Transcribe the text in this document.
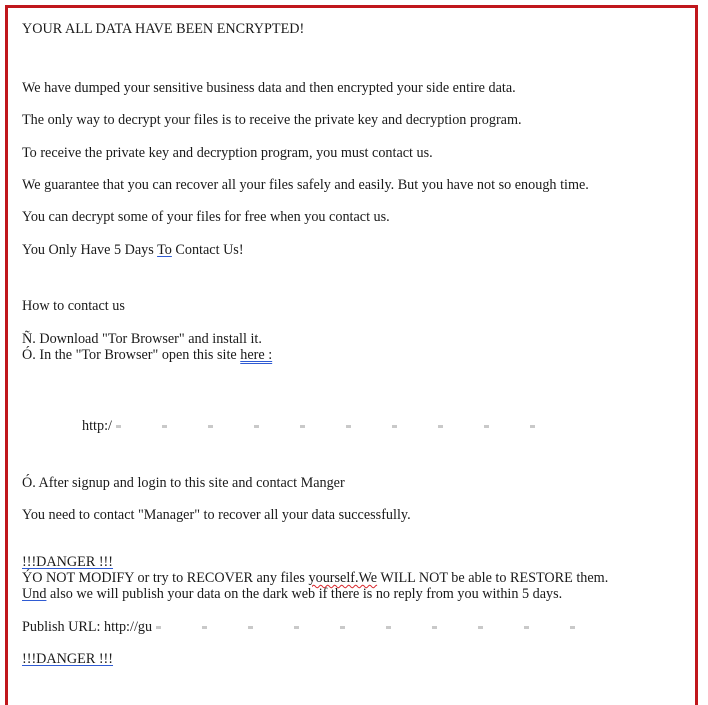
YOUR ALL DATA HAVE BEEN ENCRYPTED!
We have dumped your sensitive business data and then encrypted your side entire data.
The only way to decrypt your files is to receive the private key and decryption program.
To receive the private key and decryption program, you must contact us.
We guarantee that you can recover all your files safely and easily. But you have not so enough time.
You can decrypt some of your files for free when you contact us.
You Only Have 5 Days To Contact Us!
How to contact us
Ñ. Download "Tor Browser" and install it.
Ó. In the "Tor Browser" open this site here :
http:/
Ó. After signup and login to this site and contact Manger
You need to contact "Manager" to recover all your data successfully.
!!!DANGER !!!
ÝO NOT MODIFY or try to RECOVER any files yourself.We WILL NOT be able to RESTORE them.
Und also we will publish your data on the dark web if there is no reply from you within 5 days.
Publish URL: http://gu
!!!DANGER !!!
